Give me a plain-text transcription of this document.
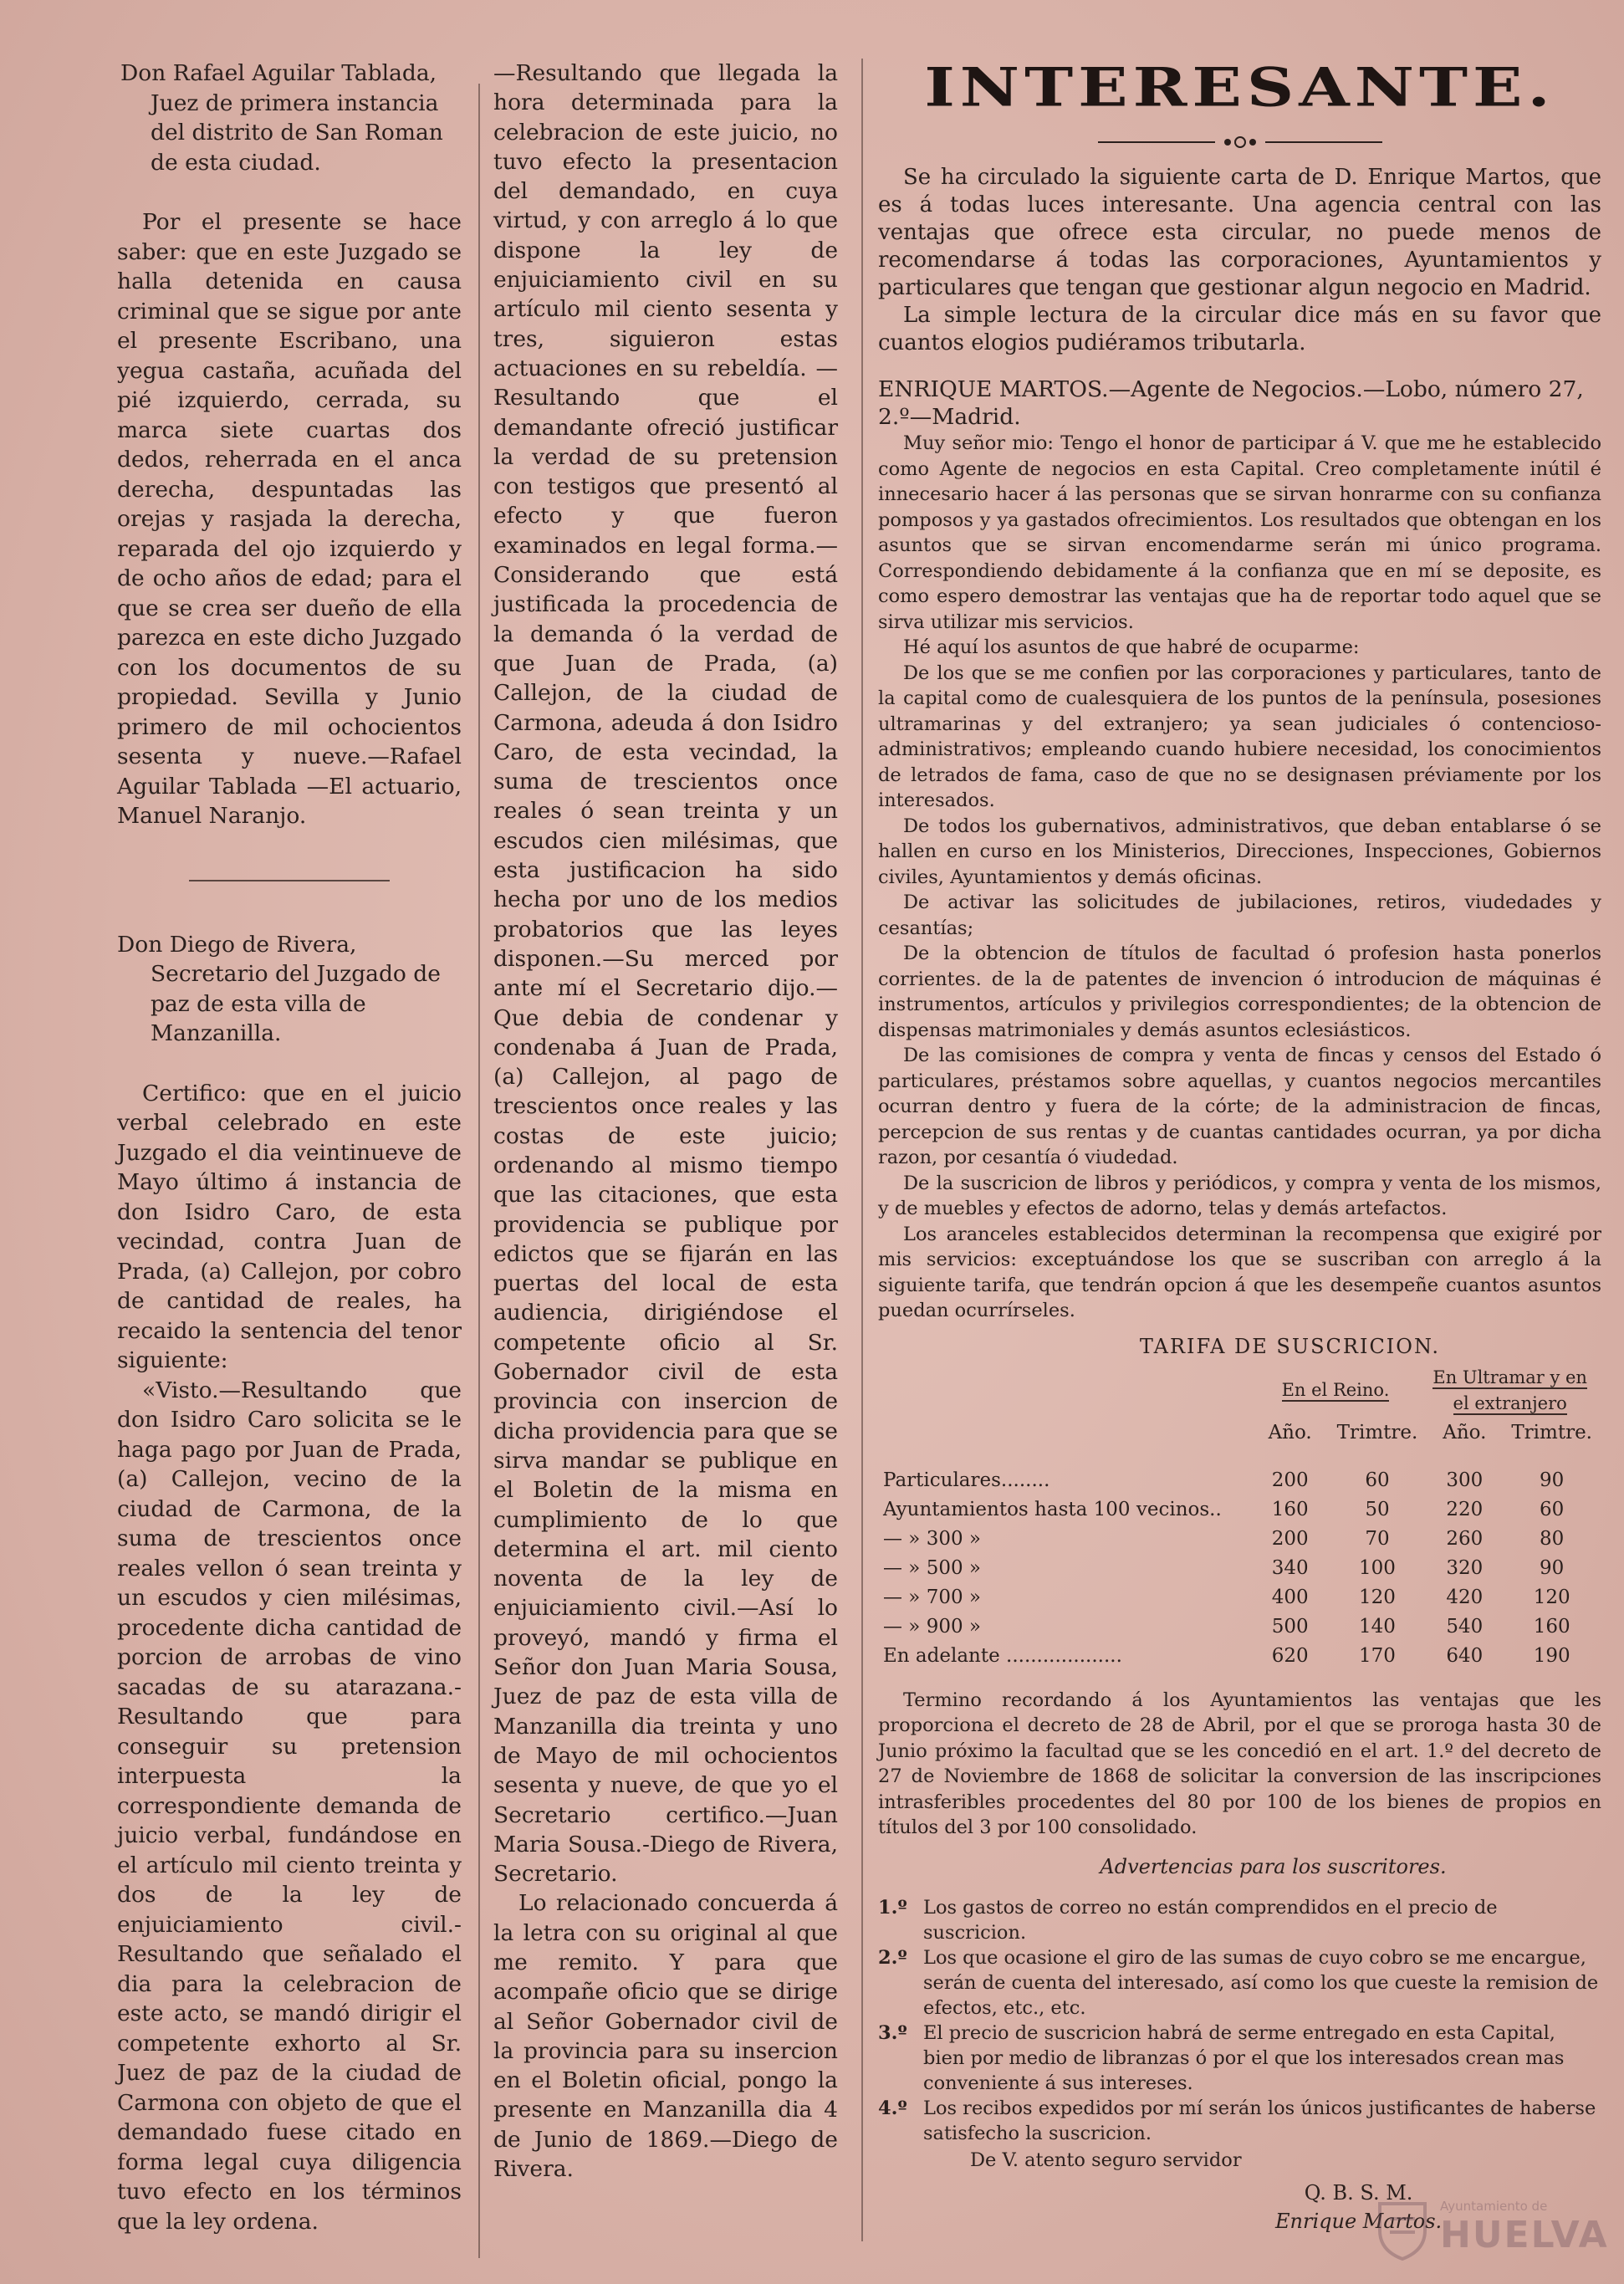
Don Rafael Aguilar Tablada, Juez de primera instancia del distrito de San Roman de esta ciudad.

Por el presente se hace saber: que en este Juzgado se halla detenida en causa criminal que se sigue por ante el presente Escribano, una yegua castaña, acuñada del pié izquierdo, cerrada, su marca siete cuartas dos dedos, reherrada en el anca derecha, despuntadas las orejas y rasjada la derecha, reparada del ojo izquierdo y de ocho años de edad; para el que se crea ser dueño de ella parezca en este dicho Juzgado con los documentos de su propiedad. Sevilla y Junio primero de mil ochocientos sesenta y nueve.—Rafael Aguilar Tablada —El actuario, Manuel Naranjo.

Don Diego de Rivera, Secretario del Juzgado de paz de esta villa de Manzanilla.

Certifico: que en el juicio verbal celebrado en este Juzgado el dia veintinueve de Mayo último á instancia de don Isidro Caro, de esta vecindad, contra Juan de Prada, (a) Callejon, por cobro de cantidad de reales, ha recaido la sentencia del tenor siguiente:

«Visto.—Resultando que don Isidro Caro solicita se le haga pago por Juan de Prada, (a) Callejon, vecino de la ciudad de Carmona, de la suma de trescientos once reales vellon ó sean treinta y un escudos y cien milésimas, procedente dicha cantidad de porcion de arrobas de vino sacadas de su atarazana.-Resultando que para conseguir su pretension interpuesta la correspondiente demanda de juicio verbal, fundándose en el artículo mil ciento treinta y dos de la ley de enjuiciamiento civil.-Resultando que señalado el dia para la celebracion de este acto, se mandó dirigir el competente exhorto al Sr. Juez de paz de la ciudad de Carmona con objeto de que el demandado fuese citado en forma legal cuya diligencia tuvo efecto en los términos que la ley ordena.

—Resultando que llegada la hora determinada para la celebracion de este juicio, no tuvo efecto la presentacion del demandado, en cuya virtud, y con arreglo á lo que dispone la ley de enjuiciamiento civil en su artículo mil ciento sesenta y tres, siguieron estas actuaciones en su rebeldía. —Resultando que el demandante ofreció justificar la verdad de su pretension con testigos que presentó al efecto y que fueron examinados en legal forma.—Considerando que está justificada la procedencia de la demanda ó la verdad de que Juan de Prada, (a) Callejon, de la ciudad de Carmona, adeuda á don Isidro Caro, de esta vecindad, la suma de trescientos once reales ó sean treinta y un escudos cien milésimas, que esta justificacion ha sido hecha por uno de los medios probatorios que las leyes disponen.—Su merced por ante mí el Secretario dijo.—Que debia de condenar y condenaba á Juan de Prada, (a) Callejon, al pago de trescientos once reales y las costas de este juicio; ordenando al mismo tiempo que las citaciones, que esta providencia se publique por edictos que se fijarán en las puertas del local de esta audiencia, dirigiéndose el competente oficio al Sr. Gobernador civil de esta provincia con insercion de dicha providencia para que se sirva mandar se publique en el Boletin de la misma en cumplimiento de lo que determina el art. mil ciento noventa de la ley de enjuiciamiento civil.—Así lo proveyó, mandó y firma el Señor don Juan Maria Sousa, Juez de paz de esta villa de Manzanilla dia treinta y uno de Mayo de mil ochocientos sesenta y nueve, de que yo el Secretario certifico.—Juan Maria Sousa.-Diego de Rivera, Secretario.

Lo relacionado concuerda á la letra con su original al que me remito. Y para que acompañe oficio que se dirige al Señor Gobernador civil de la provincia para su insercion en el Boletin oficial, pongo la presente en Manzanilla dia 4 de Junio de 1869.—Diego de Rivera.

INTERESANTE.

Se ha circulado la siguiente carta de D. Enrique Martos, que es á todas luces interesante. Una agencia central con las ventajas que ofrece esta circular, no puede menos de recomendarse á todas las corporaciones, Ayuntamientos y particulares que tengan que gestionar algun negocio en Madrid.

La simple lectura de la circular dice más en su favor que cuantos elogios pudiéramos tributarla.

ENRIQUE MARTOS.—Agente de Negocios.—Lobo, número 27, 2.º—Madrid.

Muy señor mio: Tengo el honor de participar á V. que me he establecido como Agente de negocios en esta Capital. Creo completamente inútil é innecesario hacer á las personas que se sirvan honrarme con su confianza pomposos y ya gastados ofrecimientos. Los resultados que obtengan en los asuntos que se sirvan encomendarme serán mi único programa. Correspondiendo debidamente á la confianza que en mí se deposite, es como espero demostrar las ventajas que ha de reportar todo aquel que se sirva utilizar mis servicios.

Hé aquí los asuntos de que habré de ocuparme:

De los que se me confien por las corporaciones y particulares, tanto de la capital como de cualesquiera de los puntos de la península, posesiones ultramarinas y del extranjero; ya sean judiciales ó contencioso-administrativos; empleando cuando hubiere necesidad, los conocimientos de letrados de fama, caso de que no se designasen préviamente por los interesados.

De todos los gubernativos, administrativos, que deban entablarse ó se hallen en curso en los Ministerios, Direcciones, Inspecciones, Gobiernos civiles, Ayuntamientos y demás oficinas.

De activar las solicitudes de jubilaciones, retiros, viudedades y cesantías;

De la obtencion de títulos de facultad ó profesion hasta ponerlos corrientes. de la de patentes de invencion ó introducion de máquinas é instrumentos, artículos y privilegios correspondientes; de la obtencion de dispensas matrimoniales y demás asuntos eclesiásticos.

De las comisiones de compra y venta de fincas y censos del Estado ó particulares, préstamos sobre aquellas, y cuantos negocios mercantiles ocurran dentro y fuera de la córte; de la administracion de fincas, percepcion de sus rentas y de cuantas cantidades ocurran, ya por dicha razon, por cesantía ó viudedad.

De la suscricion de libros y periódicos, y compra y venta de los mismos, y de muebles y efectos de adorno, telas y demás artefactos.

Los aranceles establecidos determinan la recompensa que exigiré por mis servicios: exceptuándose los que se suscriban con arreglo á la siguiente tarifa, que tendrán opcion á que les desempeñe cuantos asuntos puedan ocurrírseles.

TARIFA DE SUSCRICION.
	En el Reino.		En Ultramar y en el extranjero	
	Año.	Trimtre.	Año.	Trimtre.

Particulares........	200	60	300	90
Ayuntamientos hasta 100 vecinos..	160	50	220	60
— » 300 »	200	70	260	80
— » 500 »	340	100	320	90
— » 700 »	400	120	420	120
— » 900 »	500	140	540	160
En adelante ...................	620	170	640	190

Termino recordando á los Ayuntamientos las ventajas que les proporciona el decreto de 28 de Abril, por el que se proroga hasta 30 de Junio próximo la facultad que se les concedió en el art. 1.º del decreto de 27 de Noviembre de 1868 de solicitar la conversion de las inscripciones intrasferibles procedentes del 80 por 100 de los bienes de propios en títulos del 3 por 100 consolidado.

Advertencias para los suscritores.
1.º Los gastos de correo no están comprendidos en el precio de suscricion.
2.º Los que ocasione el giro de las sumas de cuyo cobro se me encargue, serán de cuenta del interesado, así como los que cueste la remision de efectos, etc., etc.
3.º El precio de suscricion habrá de serme entregado en esta Capital, bien por medio de libranzas ó por el que los interesados crean mas conveniente á sus intereses.
4.º Los recibos expedidos por mí serán los únicos justificantes de haberse satisfecho la suscricion.

De V. atento seguro servidor

Q. B. S. M.
Enrique Martos.
Ayuntamiento de
HUELVA
